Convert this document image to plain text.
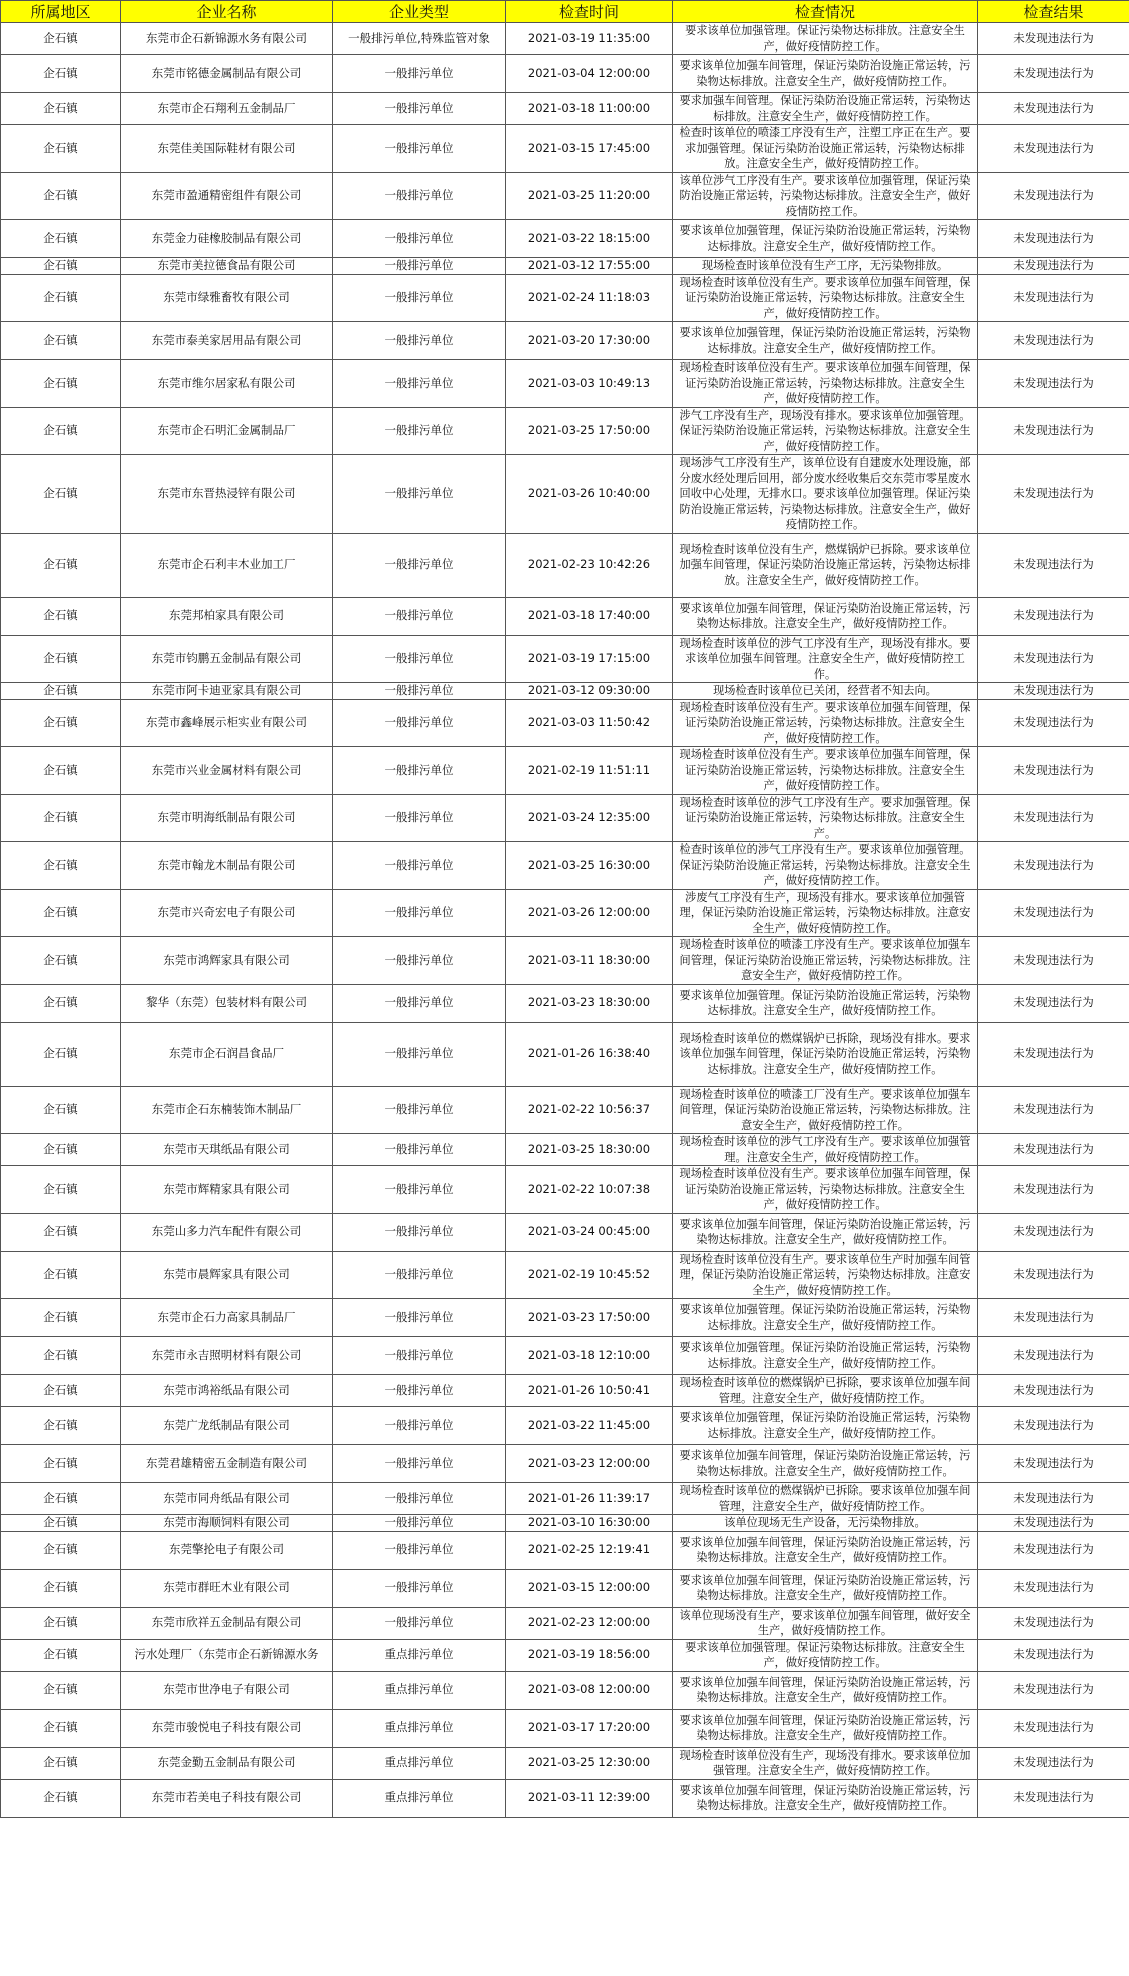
所属地区	企业名称	企业类型	检查时间	检查情况	检查结果
企石镇	东莞市企石新锦源水务有限公司	一般排污单位,特殊监管对象	2021-03-19 11:35:00	要求该单位加强管理。保证污染物达标排放。注意安全生产，做好疫情防控工作。	未发现违法行为
企石镇	东莞市铭德金属制品有限公司	一般排污单位	2021-03-04 12:00:00	要求该单位加强车间管理，保证污染防治设施正常运转，污染物达标排放。注意安全生产，做好疫情防控工作。	未发现违法行为
企石镇	东莞市企石翔利五金制品厂	一般排污单位	2021-03-18 11:00:00	要求加强车间管理。保证污染防治设施正常运转，污染物达标排放。注意安全生产，做好疫情防控工作。	未发现违法行为
企石镇	东莞佳美国际鞋材有限公司	一般排污单位	2021-03-15 17:45:00	检查时该单位的喷漆工序没有生产，注塑工序正在生产。要求加强管理。保证污染防治设施正常运转，污染物达标排放。注意安全生产，做好疫情防控工作。	未发现违法行为
企石镇	东莞市盈通精密组件有限公司	一般排污单位	2021-03-25 11:20:00	该单位涉气工序没有生产。要求该单位加强管理，保证污染防治设施正常运转，污染物达标排放。注意安全生产，做好疫情防控工作。	未发现违法行为
企石镇	东莞金力硅橡胶制品有限公司	一般排污单位	2021-03-22 18:15:00	要求该单位加强管理，保证污染防治设施正常运转，污染物达标排放。注意安全生产，做好疫情防控工作。	未发现违法行为
企石镇	东莞市美拉德食品有限公司	一般排污单位	2021-03-12 17:55:00	现场检查时该单位没有生产工序，无污染物排放。	未发现违法行为
企石镇	东莞市绿雅畜牧有限公司	一般排污单位	2021-02-24 11:18:03	现场检查时该单位没有生产。要求该单位加强车间管理，保证污染防治设施正常运转，污染物达标排放。注意安全生产，做好疫情防控工作。	未发现违法行为
企石镇	东莞市泰美家居用品有限公司	一般排污单位	2021-03-20 17:30:00	要求该单位加强管理，保证污染防治设施正常运转，污染物达标排放。注意安全生产，做好疫情防控工作。	未发现违法行为
企石镇	东莞市维尔居家私有限公司	一般排污单位	2021-03-03 10:49:13	现场检查时该单位没有生产。要求该单位加强车间管理，保证污染防治设施正常运转，污染物达标排放。注意安全生产，做好疫情防控工作。	未发现违法行为
企石镇	东莞市企石明汇金属制品厂	一般排污单位	2021-03-25 17:50:00	涉气工序没有生产，现场没有排水。要求该单位加强管理。保证污染防治设施正常运转，污染物达标排放。注意安全生产，做好疫情防控工作。	未发现违法行为
企石镇	东莞市东晋热浸锌有限公司	一般排污单位	2021-03-26 10:40:00	现场涉气工序没有生产，该单位设有自建废水处理设施，部分废水经处理后回用，部分废水经收集后交东莞市零星废水回收中心处理，无排水口。要求该单位加强管理。保证污染防治设施正常运转，污染物达标排放。注意安全生产，做好疫情防控工作。	未发现违法行为
企石镇	东莞市企石利丰木业加工厂	一般排污单位	2021-02-23 10:42:26	现场检查时该单位没有生产，燃煤锅炉已拆除。要求该单位加强车间管理，保证污染防治设施正常运转，污染物达标排放。注意安全生产，做好疫情防控工作。	未发现违法行为
企石镇	东莞邦柏家具有限公司	一般排污单位	2021-03-18 17:40:00	要求该单位加强车间管理，保证污染防治设施正常运转，污染物达标排放。注意安全生产，做好疫情防控工作。	未发现违法行为
企石镇	东莞市钧鹏五金制品有限公司	一般排污单位	2021-03-19 17:15:00	现场检查时该单位的涉气工序没有生产，现场没有排水。要求该单位加强车间管理。注意安全生产，做好疫情防控工作。	未发现违法行为
企石镇	东莞市阿卡迪亚家具有限公司	一般排污单位	2021-03-12 09:30:00	现场检查时该单位已关闭，经营者不知去向。	未发现违法行为
企石镇	东莞市鑫峰展示柜实业有限公司	一般排污单位	2021-03-03 11:50:42	现场检查时该单位没有生产。要求该单位加强车间管理，保证污染防治设施正常运转，污染物达标排放。注意安全生产，做好疫情防控工作。	未发现违法行为
企石镇	东莞市兴业金属材料有限公司	一般排污单位	2021-02-19 11:51:11	现场检查时该单位没有生产。要求该单位加强车间管理，保证污染防治设施正常运转，污染物达标排放。注意安全生产，做好疫情防控工作。	未发现违法行为
企石镇	东莞市明海纸制品有限公司	一般排污单位	2021-03-24 12:35:00	现场检查时该单位的涉气工序没有生产。要求加强管理。保证污染防治设施正常运转，污染物达标排放。注意安全生产。	未发现违法行为
企石镇	东莞市翰龙木制品有限公司	一般排污单位	2021-03-25 16:30:00	检查时该单位的涉气工序没有生产。要求该单位加强管理。保证污染防治设施正常运转，污染物达标排放。注意安全生产，做好疫情防控工作。	未发现违法行为
企石镇	东莞市兴奇宏电子有限公司	一般排污单位	2021-03-26 12:00:00	涉废气工序没有生产，现场没有排水。要求该单位加强管理，保证污染防治设施正常运转，污染物达标排放。注意安全生产，做好疫情防控工作。	未发现违法行为
企石镇	东莞市鸿辉家具有限公司	一般排污单位	2021-03-11 18:30:00	现场检查时该单位的喷漆工序没有生产。要求该单位加强车间管理，保证污染防治设施正常运转，污染物达标排放。注意安全生产，做好疫情防控工作。	未发现违法行为
企石镇	黎华（东莞）包装材料有限公司	一般排污单位	2021-03-23 18:30:00	要求该单位加强管理。保证污染防治设施正常运转，污染物达标排放。注意安全生产，做好疫情防控工作。	未发现违法行为
企石镇	东莞市企石润昌食品厂	一般排污单位	2021-01-26 16:38:40	现场检查时该单位的燃煤锅炉已拆除，现场没有排水。要求该单位加强车间管理，保证污染防治设施正常运转，污染物达标排放。注意安全生产，做好疫情防控工作。	未发现违法行为
企石镇	东莞市企石东楠装饰木制品厂	一般排污单位	2021-02-22 10:56:37	现场检查时该单位的喷漆工厂没有生产。要求该单位加强车间管理，保证污染防治设施正常运转，污染物达标排放。注意安全生产，做好疫情防控工作。	未发现违法行为
企石镇	东莞市天琪纸品有限公司	一般排污单位	2021-03-25 18:30:00	现场检查时该单位的涉气工序没有生产。要求该单位加强管理。注意安全生产，做好疫情防控工作。	未发现违法行为
企石镇	东莞市辉精家具有限公司	一般排污单位	2021-02-22 10:07:38	现场检查时该单位没有生产。要求该单位加强车间管理，保证污染防治设施正常运转，污染物达标排放。注意安全生产，做好疫情防控工作。	未发现违法行为
企石镇	东莞山多力汽车配件有限公司	一般排污单位	2021-03-24 00:45:00	要求该单位加强车间管理，保证污染防治设施正常运转，污染物达标排放。注意安全生产，做好疫情防控工作。	未发现违法行为
企石镇	东莞市晨辉家具有限公司	一般排污单位	2021-02-19 10:45:52	现场检查时该单位没有生产。要求该单位生产时加强车间管理，保证污染防治设施正常运转，污染物达标排放。注意安全生产，做好疫情防控工作。	未发现违法行为
企石镇	东莞市企石力高家具制品厂	一般排污单位	2021-03-23 17:50:00	要求该单位加强管理。保证污染防治设施正常运转，污染物达标排放。注意安全生产，做好疫情防控工作。	未发现违法行为
企石镇	东莞市永吉照明材料有限公司	一般排污单位	2021-03-18 12:10:00	要求该单位加强管理。保证污染防治设施正常运转，污染物达标排放。注意安全生产，做好疫情防控工作。	未发现违法行为
企石镇	东莞市鸿裕纸品有限公司	一般排污单位	2021-01-26 10:50:41	现场检查时该单位的燃煤锅炉已拆除，要求该单位加强车间管理。注意安全生产，做好疫情防控工作。	未发现违法行为
企石镇	东莞广龙纸制品有限公司	一般排污单位	2021-03-22 11:45:00	要求该单位加强管理，保证污染防治设施正常运转，污染物达标排放。注意安全生产，做好疫情防控工作。	未发现违法行为
企石镇	东莞君雄精密五金制造有限公司	一般排污单位	2021-03-23 12:00:00	要求该单位加强车间管理，保证污染防治设施正常运转，污染物达标排放。注意安全生产，做好疫情防控工作。	未发现违法行为
企石镇	东莞市同舟纸品有限公司	一般排污单位	2021-01-26 11:39:17	现场检查时该单位的燃煤锅炉已拆除。要求该单位加强车间管理，注意安全生产，做好疫情防控工作。	未发现违法行为
企石镇	东莞市海顺饲料有限公司	一般排污单位	2021-03-10 16:30:00	该单位现场无生产设备，无污染物排放。	未发现违法行为
企石镇	东莞擎抡电子有限公司	一般排污单位	2021-02-25 12:19:41	要求该单位加强车间管理，保证污染防治设施正常运转，污染物达标排放。注意安全生产，做好疫情防控工作。	未发现违法行为
企石镇	东莞市群旺木业有限公司	一般排污单位	2021-03-15 12:00:00	要求该单位加强车间管理，保证污染防治设施正常运转，污染物达标排放。注意安全生产，做好疫情防控工作。	未发现违法行为
企石镇	东莞市欣祥五金制品有限公司	一般排污单位	2021-02-23 12:00:00	该单位现场没有生产，要求该单位加强车间管理，做好安全生产，做好疫情防控工作。	未发现违法行为
企石镇	污水处理厂（东莞市企石新锦源水务	重点排污单位	2021-03-19 18:56:00	要求该单位加强管理。保证污染物达标排放。注意安全生产，做好疫情防控工作。	未发现违法行为
企石镇	东莞市世净电子有限公司	重点排污单位	2021-03-08 12:00:00	要求该单位加强车间管理，保证污染防治设施正常运转，污染物达标排放。注意安全生产，做好疫情防控工作。	未发现违法行为
企石镇	东莞市骏悦电子科技有限公司	重点排污单位	2021-03-17 17:20:00	要求该单位加强车间管理，保证污染防治设施正常运转，污染物达标排放。注意安全生产，做好疫情防控工作。	未发现违法行为
企石镇	东莞金勤五金制品有限公司	重点排污单位	2021-03-25 12:30:00	现场检查时该单位没有生产，现场没有排水。要求该单位加强管理。注意安全生产，做好疫情防控工作。	未发现违法行为
企石镇	东莞市若美电子科技有限公司	重点排污单位	2021-03-11 12:39:00	要求该单位加强车间管理，保证污染防治设施正常运转，污染物达标排放。注意安全生产，做好疫情防控工作。	未发现违法行为
